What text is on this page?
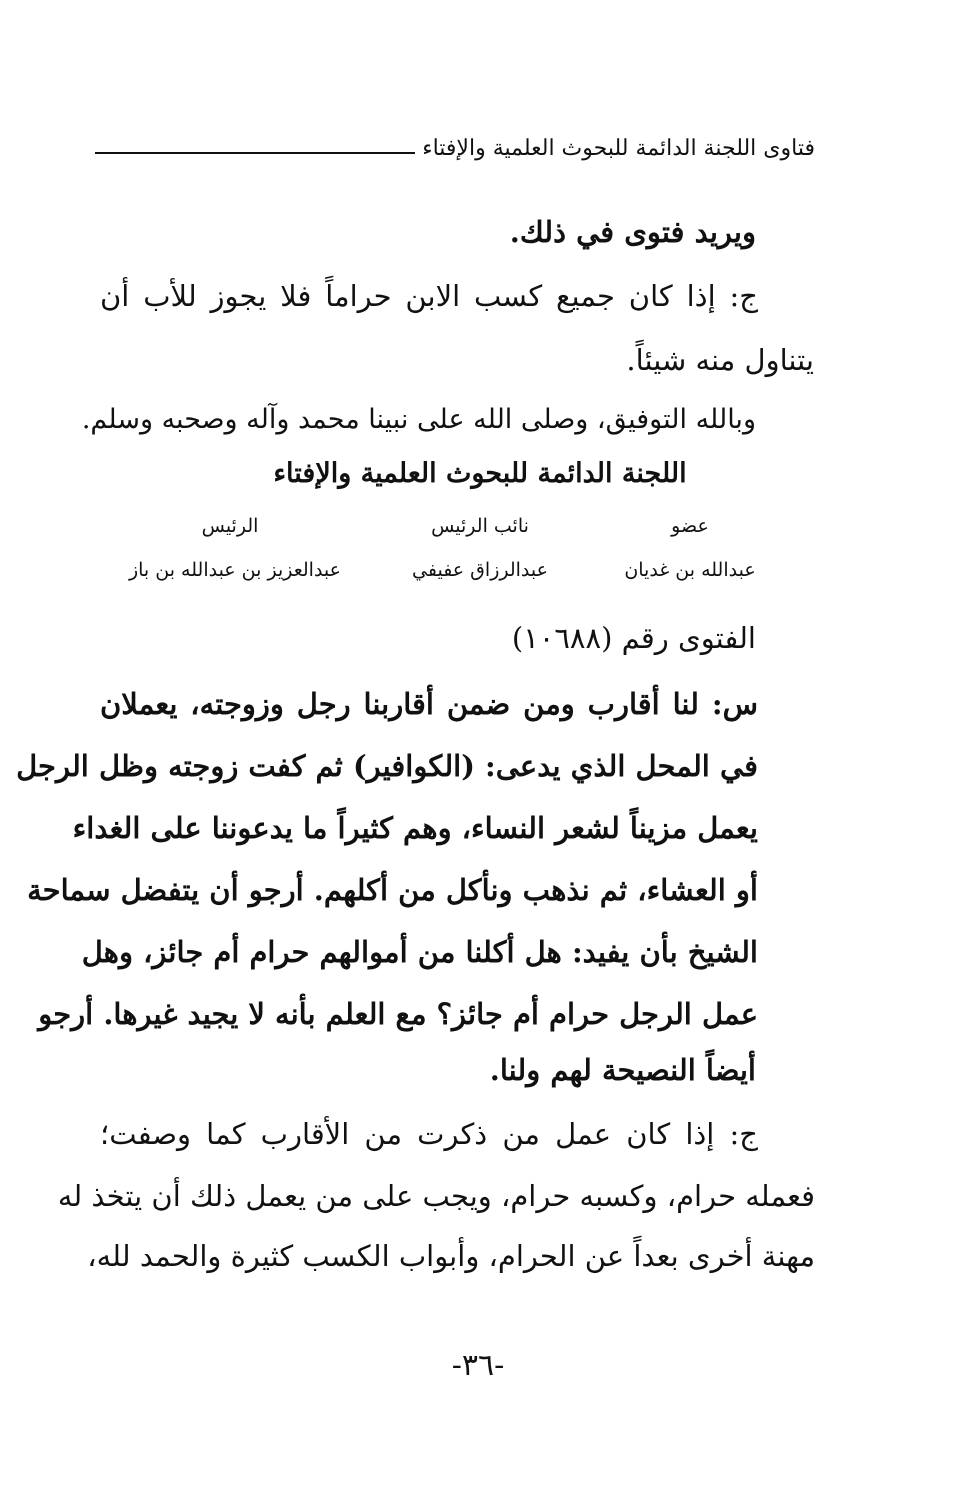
فتاوى اللجنة الدائمة للبحوث العلمية والإفتاء
ويريد فتوى في ذلك.
ج: إذا كان جميع كسب الابن حراماً فلا يجوز للأب أن
يتناول منه شيئاً.
وبالله التوفيق، وصلى الله على نبينا محمد وآله وصحبه وسلم.
اللجنة الدائمة للبحوث العلمية والإفتاء
عضو
نائب الرئيس
الرئيس
عبدالله بن غديان
عبدالرزاق عفيفي
عبدالعزيز بن عبدالله بن باز
الفتوى رقم (١٠٦٨٨)
س: لنا أقارب ومن ضمن أقاربنا رجل وزوجته، يعملان
في المحل الذي يدعى: (الكوافير) ثم كفت زوجته وظل الرجل
يعمل مزيناً لشعر النساء، وهم كثيراً ما يدعوننا على الغداء
أو العشاء، ثم نذهب ونأكل من أكلهم. أرجو أن يتفضل سماحة
الشيخ بأن يفيد: هل أكلنا من أموالهم حرام أم جائز، وهل
عمل الرجل حرام أم جائز؟ مع العلم بأنه لا يجيد غيرها. أرجو
أيضاً النصيحة لهم ولنا.
ج: إذا كان عمل من ذكرت من الأقارب كما وصفت؛
فعمله حرام، وكسبه حرام، ويجب على من يعمل ذلك أن يتخذ له
مهنة أخرى بعداً عن الحرام، وأبواب الكسب كثيرة والحمد لله،
-٣٦-
